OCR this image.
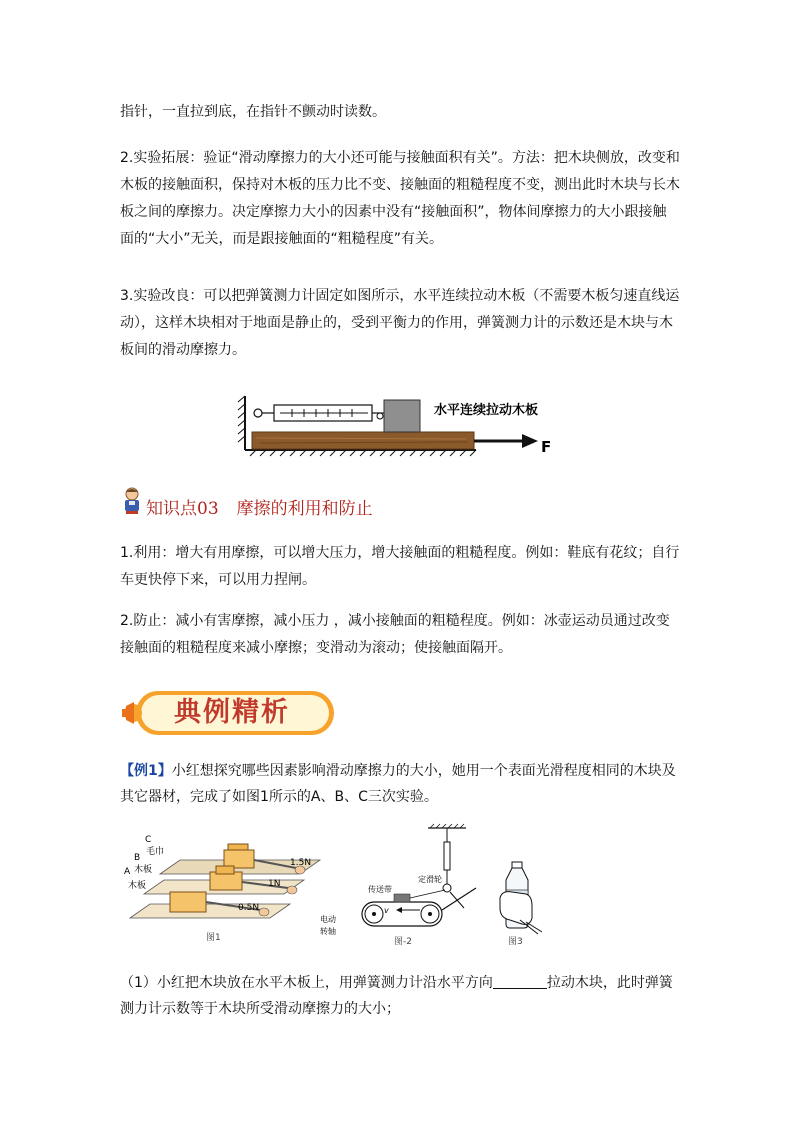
指针，一直拉到底，在指针不颤动时读数。

2.实验拓展：验证“滑动摩擦力的大小还可能与接触面积有关”。方法：把木块侧放，改变和木板的接触面积，保持对木板的压力比不变、接触面的粗糙程度不变，测出此时木块与长木板之间的摩擦力。决定摩擦力大小的因素中没有“接触面积”，物体间摩擦力的大小跟接触面的“大小”无关，而是跟接触面的“粗糙程度”有关。

3.实验改良：可以把弹簧测力计固定如图所示，水平连续拉动木板（不需要木板匀速直线运动），这样木块相对于地面是静止的，受到平衡力的作用，弹簧测力计的示数还是木块与木板间的滑动摩擦力。

F
水平连续拉动木板
知识点03 摩擦的利用和防止

1.利用：增大有用摩擦，可以增大压力，增大接触面的粗糙程度。例如：鞋底有花纹；自行车更快停下来，可以用力捏闸。

2.防止：减小有害摩擦，减小压力 ，减小接触面的粗糙程度。例如：冰壶运动员通过改变接触面的粗糙程度来减小摩擦；变滑动为滚动；使接触面隔开。

典例精析
【例1】小红想探究哪些因素影响滑动摩擦力的大小，她用一个表面光滑程度相同的木块及其它器材，完成了如图1所示的A、B、C三次实验。
C
毛巾
B
木板
A
木板
1.5N
1N
0.5N
图1
v
传送带
定滑轮
电动
转轴
图-2	图3
（1）小红把木块放在水平木板上，用弹簧测力计沿水平方向	拉动木块，此时弹簧测力计示数等于木块所受滑动摩擦力的大小；
